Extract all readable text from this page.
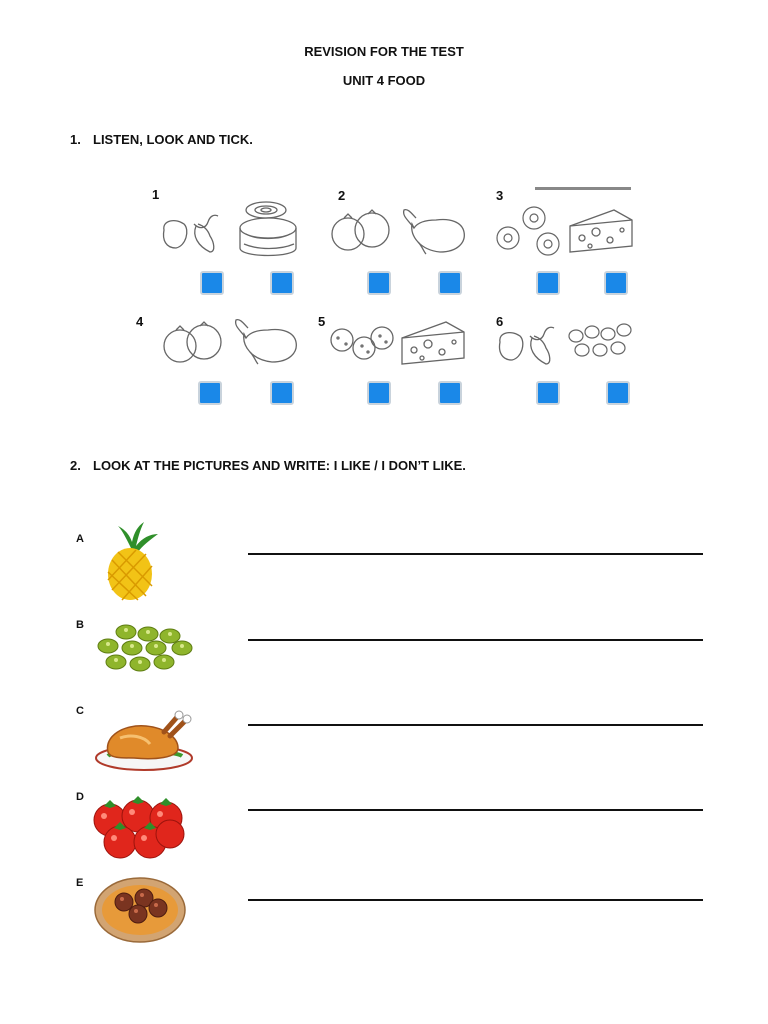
REVISION FOR THE TEST
UNIT 4 FOOD
1. LISTEN, LOOK AND TICK.
1	2	3
4	5	6
2. LOOK AT THE PICTURES AND WRITE: I LIKE / I DON’T LIKE.
A
B
C
D
E
